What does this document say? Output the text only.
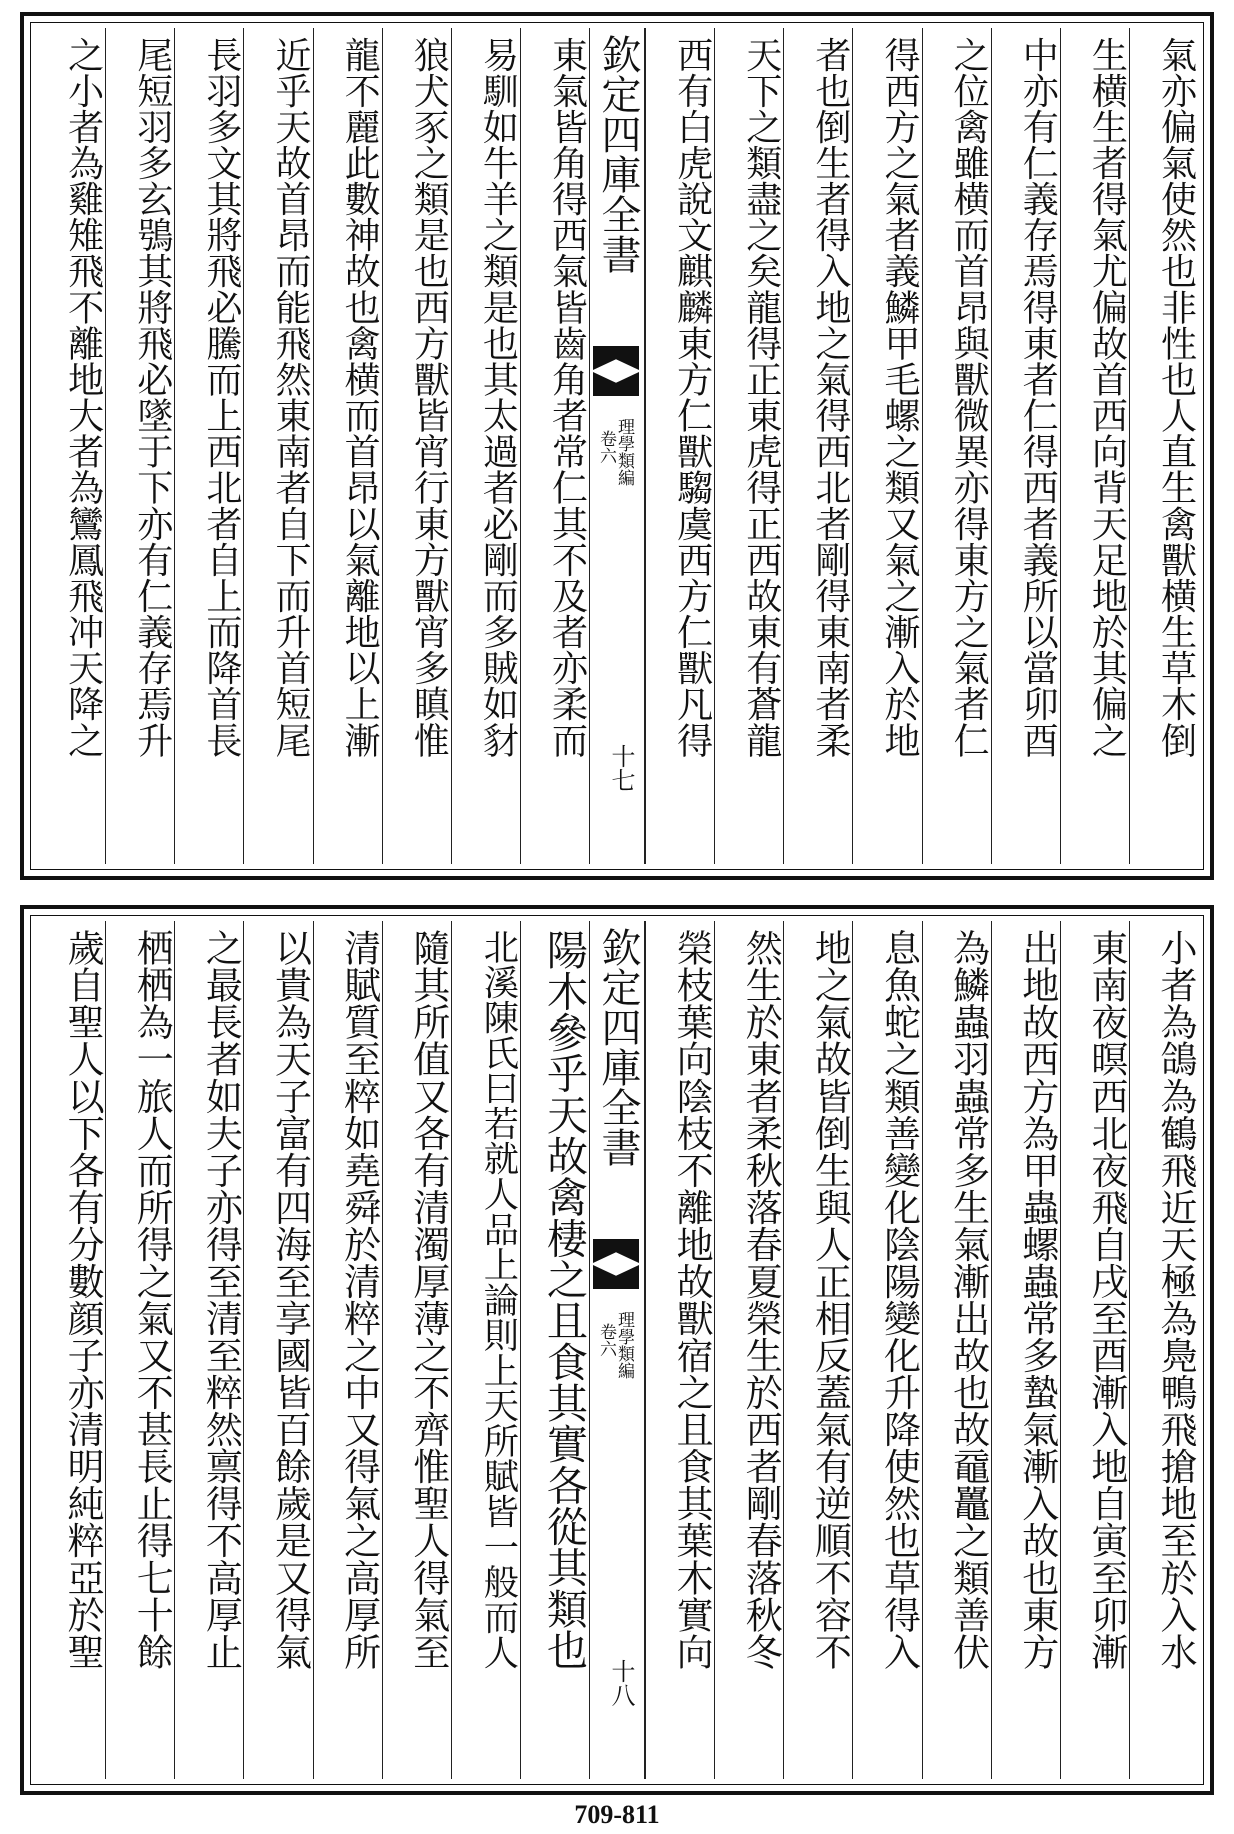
氣亦偏氣使然也非性也人直生禽獸横生草木倒
生横生者得氣尤偏故首西向背天足地於其偏之
中亦有仁義存焉得東者仁得西者義所以當卯酉
之位禽雖横而首昂與獸微異亦得東方之氣者仁
得西方之氣者義鱗甲毛螺之類又氣之漸入於地
者也倒生者得入地之氣得西北者剛得東南者柔
天下之類盡之矣龍得正東虎得正西故東有蒼龍
西有白虎說文麒麟東方仁獸騶虞西方仁獸凡得
欽定四庫全書
理學類編
卷六
十七
東氣皆角得西氣皆齒角者常仁其不及者亦柔而
易馴如牛羊之類是也其太過者必剛而多賊如豺
狼犬豕之類是也西方獸皆宵行東方獸宵多瞋惟
龍不麗此數神故也禽横而首昂以氣離地以上漸
近乎天故首昂而能飛然東南者自下而升首短尾
長羽多文其將飛必騰而上西北者自上而降首長
尾短羽多玄鴞其將飛必墜于下亦有仁義存焉升
之小者為雞雉飛不離地大者為鸞鳳飛冲天降之
小者為鴿為鶴飛近天極為鳧鴨飛搶地至於入水
東南夜暝西北夜飛自戌至酉漸入地自寅至卯漸
出地故西方為甲蟲螺蟲常多蟄氣漸入故也東方
為鱗蟲羽蟲常多生氣漸出故也故黿鼉之類善伏
息魚蛇之類善變化陰陽變化升降使然也草得入
地之氣故皆倒生與人正相反蓋氣有逆順不容不
然生於東者柔秋落春夏榮生於西者剛春落秋冬
榮枝葉向陰枝不離地故獸宿之且食其葉木實向
欽定四庫全書
理學類編
卷六
十八
陽木參乎天故禽棲之且食其實各從其類也
北溪陳氏曰若就人品上論則上天所賦皆一般而人
隨其所值又各有清濁厚薄之不齊惟聖人得氣至
清賦質至粹如堯舜於清粹之中又得氣之高厚所
以貴為天子富有四海至享國皆百餘歲是又得氣
之最長者如夫子亦得至清至粹然禀得不高厚止
栖栖為一旅人而所得之氣又不甚長止得七十餘
歲自聖人以下各有分數顔子亦清明純粹亞於聖
709-811
